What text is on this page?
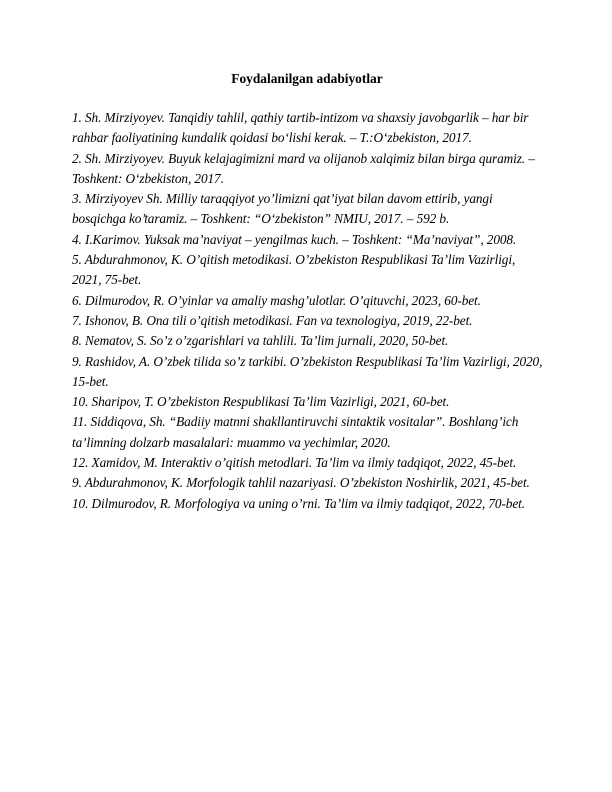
Foydalanilgan adabiyotlar
1. Sh. Mirziyoyev. Tanqidiy tahlil, qathiy tartib-intizom va shaxsiy javobgarlik – har bir rahbar faoliyatining kundalik qoidasi bo‘lishi kerak. – T.:O‘zbekiston, 2017.
2. Sh. Mirziyoyev. Buyuk kelajagimizni mard va olijanob xalqimiz bilan birga quramiz. – Toshkent: O‘zbekiston, 2017.
3. Mirziyoyev Sh. Milliy taraqqiyot yo’limizni qat’iyat bilan davom ettirib, yangi bosqichga ko’taramiz. – Toshkent: “O‘zbekiston” NMIU, 2017. – 592 b.
4. I.Karimov. Yuksak ma’naviyat – yengilmas kuch. – Toshkent: “Ma’naviyat”, 2008.
5. Abdurahmonov, K. O’qitish metodikasi. O’zbekiston Respublikasi Ta’lim Vazirligi, 2021, 75-bet.
6. Dilmurodov, R. O’yinlar va amaliy mashg’ulotlar. O’qituvchi, 2023, 60-bet.
7. Ishonov, B. Ona tili o’qitish metodikasi. Fan va texnologiya, 2019, 22-bet.
8. Nematov, S. So’z o’zgarishlari va tahlili. Ta’lim jurnali, 2020, 50-bet.
9. Rashidov, A. O’zbek tilida so’z tarkibi. O’zbekiston Respublikasi Ta’lim Vazirligi, 2020, 15-bet.
10. Sharipov, T. O’zbekiston Respublikasi Ta’lim Vazirligi, 2021, 60-bet.
11. Siddiqova, Sh. “Badiiy matnni shakllantiruvchi sintaktik vositalar”. Boshlang’ich ta’limning dolzarb masalalari: muammo va yechimlar, 2020.
12. Xamidov, M. Interaktiv o’qitish metodlari. Ta’lim va ilmiy tadqiqot, 2022, 45-bet.
9. Abdurahmonov, K. Morfologik tahlil nazariyasi. O’zbekiston Noshirlik, 2021, 45-bet.
10. Dilmurodov, R. Morfologiya va uning o’rni. Ta’lim va ilmiy tadqiqot, 2022, 70-bet.
